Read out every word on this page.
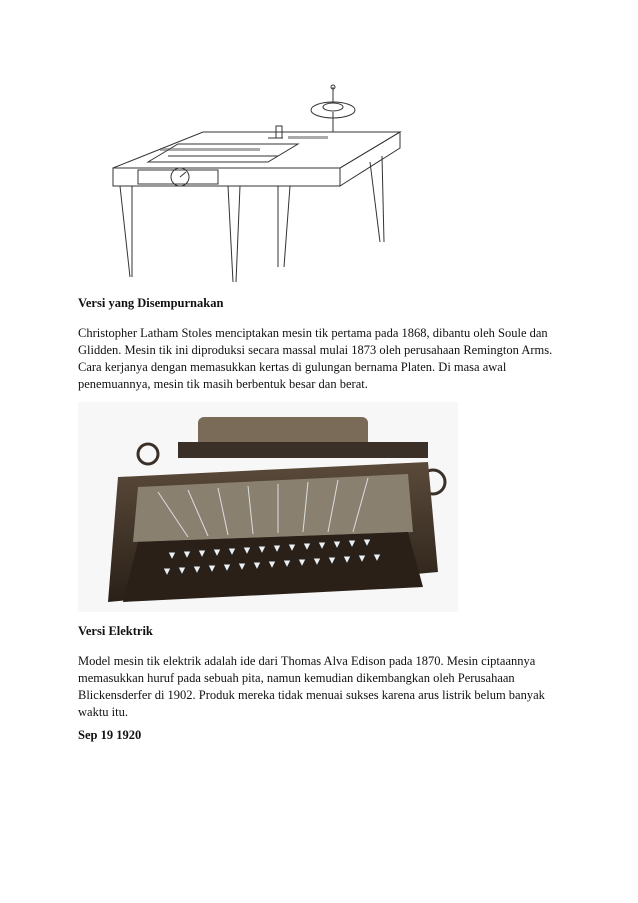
Versi yang Disempurnakan

Christopher Latham Stoles menciptakan mesin tik pertama pada 1868, dibantu oleh Soule dan Glidden. Mesin tik ini diproduksi secara massal mulai 1873 oleh perusahaan Remington Arms. Cara kerjanya dengan memasukkan kertas di gulungan bernama Platen. Di masa awal penemuannya, mesin tik masih berbentuk besar dan berat.

Versi Elektrik

Model mesin tik elektrik adalah ide dari Thomas Alva Edison pada 1870. Mesin ciptaannya memasukkan huruf pada sebuah pita, namun kemudian dikembangkan oleh Perusahaan Blickensderfer di 1902. Produk mereka tidak menuai sukses karena arus listrik belum banyak waktu itu.

Sep 19 1920
